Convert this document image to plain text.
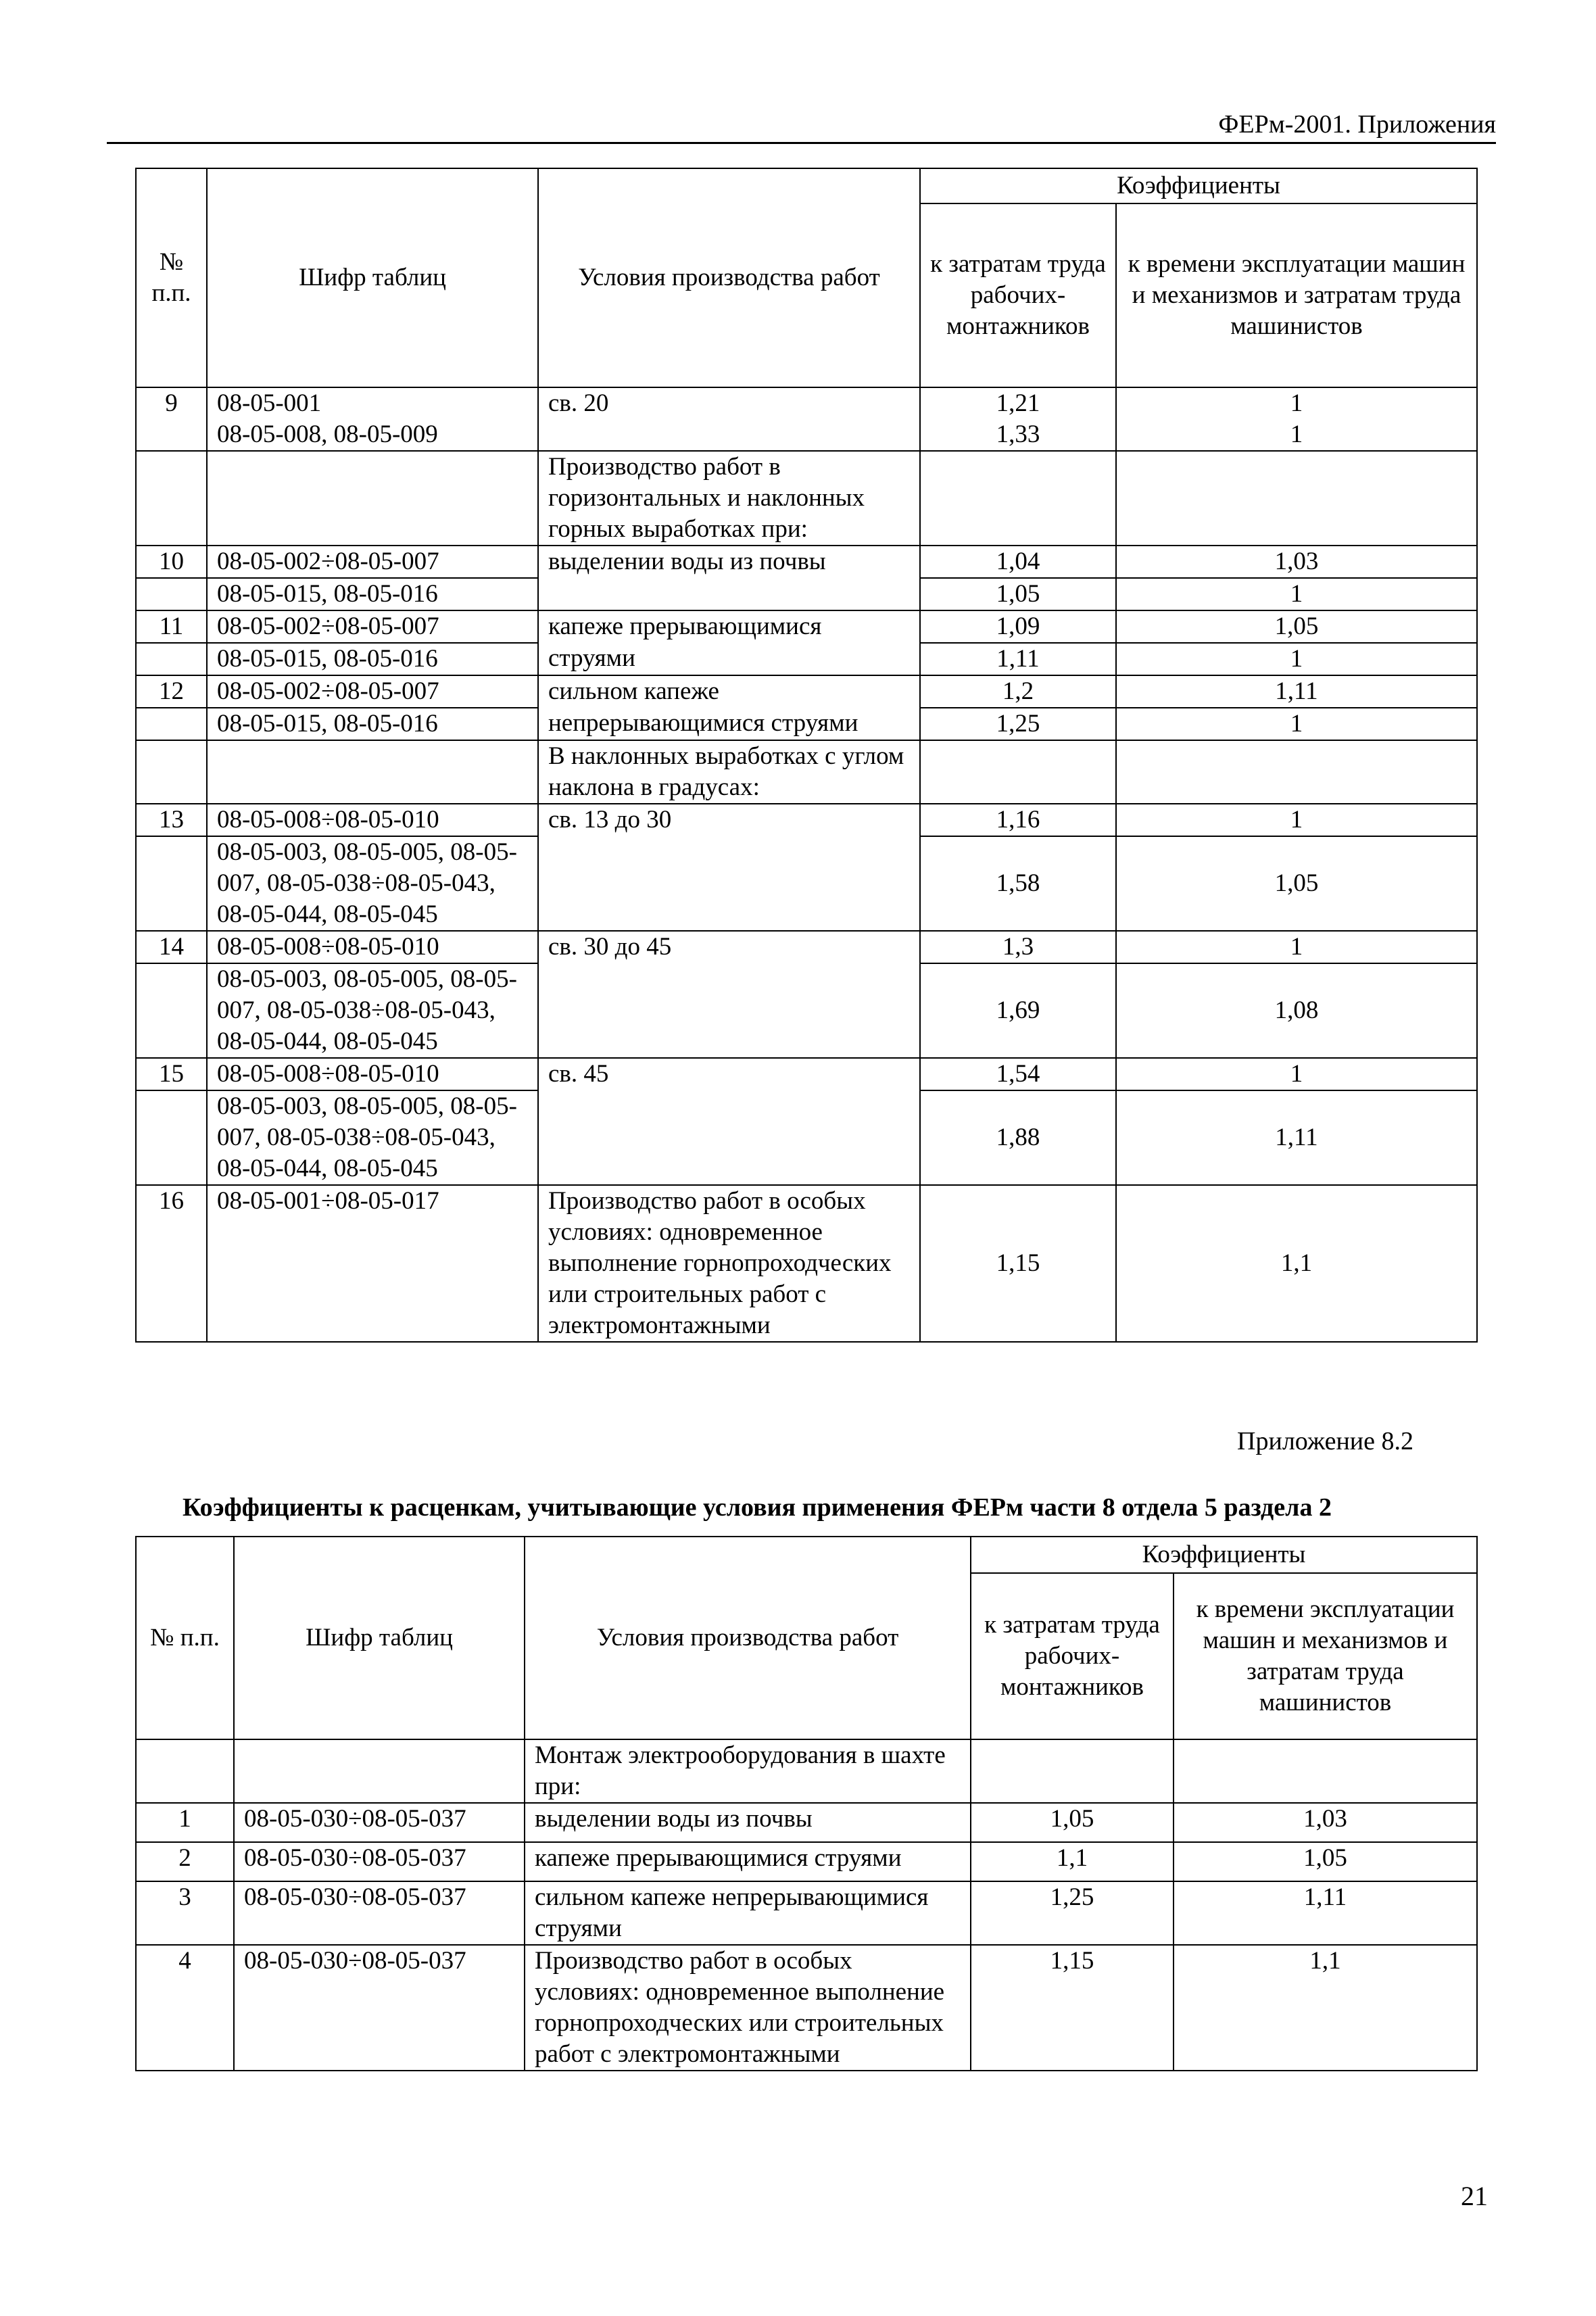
ФЕРм-2001. Приложения
№ п.п.	Шифр таблиц	Условия производства работ	Коэффициенты	
			к затратам труда рабочих-монтажников	к времени эксплуатации машин и механизмов и затратам труда машинистов
9	08-05-001	св. 20	1,21	1
	08-05-008, 08-05-009		1,33	1
		Производство работ в горизонтальных и наклонных горных выработках при:		
10	08-05-002÷08-05-007	выделении воды из почвы	1,04	1,03
	08-05-015, 08-05-016		1,05	1
11	08-05-002÷08-05-007	капеже прерывающимися	1,09	1,05
	08-05-015, 08-05-016	струями	1,11	1
12	08-05-002÷08-05-007	сильном капеже	1,2	1,11
	08-05-015, 08-05-016	непрерывающимися струями	1,25	1
		В наклонных выработках с углом наклона в градусах:		
13	08-05-008÷08-05-010	св. 13 до 30	1,16	1
	08-05-003, 08-05-005, 08-05-007, 08-05-038÷08-05-043, 08-05-044, 08-05-045		1,58	1,05
14	08-05-008÷08-05-010	св. 30 до 45	1,3	1
	08-05-003, 08-05-005, 08-05-007, 08-05-038÷08-05-043, 08-05-044, 08-05-045		1,69	1,08
15	08-05-008÷08-05-010	св. 45	1,54	1
	08-05-003, 08-05-005, 08-05-007, 08-05-038÷08-05-043, 08-05-044, 08-05-045		1,88	1,11
16	08-05-001÷08-05-017	Производство работ в особых условиях: одновременное выполнение горнопроходческих или строительных работ с электромонтажными	1,15	1,1
Приложение 8.2
Коэффициенты к расценкам, учитывающие условия применения ФЕРм части 8 отдела 5 раздела 2
№ п.п.	Шифр таблиц	Условия производства работ	Коэффициенты	
			к затратам труда рабочих-монтажников	к времени эксплуатации машин и механизмов и затратам труда машинистов
		Монтаж электрооборудования в шахте при:		
1	08-05-030÷08-05-037	выделении воды из почвы	1,05	1,03
2	08-05-030÷08-05-037	капеже прерывающимися струями	1,1	1,05
3	08-05-030÷08-05-037	сильном капеже непрерывающимися струями	1,25	1,11
4	08-05-030÷08-05-037	Производство работ в особых условиях: одновременное выполнение горнопроходческих или строительных работ с электромонтажными	1,15	1,1
21
